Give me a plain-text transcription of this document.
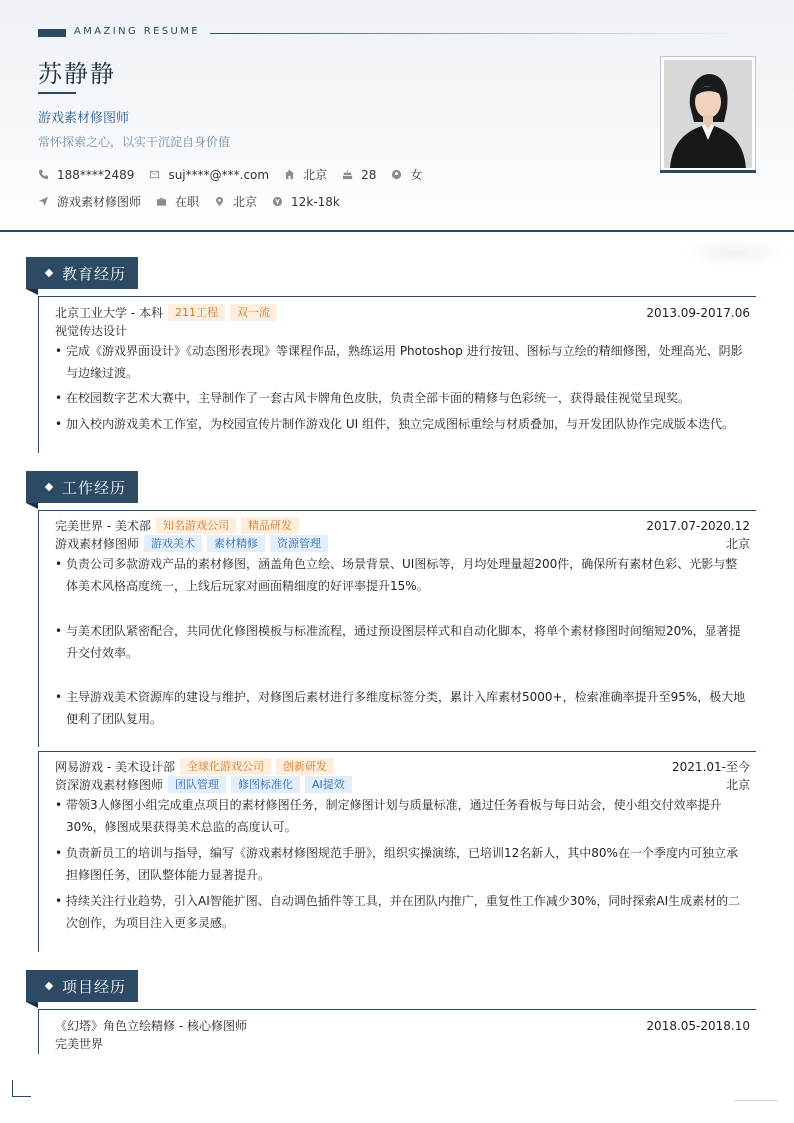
AMAZING RESUME
苏静静
游戏素材修图师
常怀探索之心，以实干沉淀自身价值
188****2489	suj****@***.com	北京	28	女
游戏素材修图师	在职	北京	12k-18k
教育经历
北京工业大学 - 本科	211工程	双一流	2013.09-2017.06
视觉传达设计
• 完成《游戏界面设计》《动态图形表现》等课程作品，熟练运用 Photoshop 进行按钮、图标与立绘的精细修图，处理高光、阴影与边缘过渡。
• 在校园数字艺术大赛中，主导制作了一套古风卡牌角色皮肤，负责全部卡面的精修与色彩统一，获得最佳视觉呈现奖。
• 加入校内游戏美术工作室，为校园宣传片制作游戏化 UI 组件，独立完成图标重绘与材质叠加，与开发团队协作完成版本迭代。
工作经历
完美世界 - 美术部	知名游戏公司	精品研发	2017.07-2020.12
游戏素材修图师	游戏美术	素材精修	资源管理	北京
• 负责公司多款游戏产品的素材修图，涵盖角色立绘、场景背景、UI图标等，月均处理量超200件，确保所有素材色彩、光影与整体美术风格高度统一，上线后玩家对画面精细度的好评率提升15%。
• 与美术团队紧密配合，共同优化修图模板与标准流程，通过预设图层样式和自动化脚本，将单个素材修图时间缩短20%，显著提升交付效率。
• 主导游戏美术资源库的建设与维护，对修图后素材进行多维度标签分类，累计入库素材5000+，检索准确率提升至95%，极大地便利了团队复用。
网易游戏 - 美术设计部	全球化游戏公司	创新研发	2021.01-至今
资深游戏素材修图师	团队管理	修图标准化	AI提效	北京
• 带领3人修图小组完成重点项目的素材修图任务，制定修图计划与质量标准，通过任务看板与每日站会，使小组交付效率提升30%，修图成果获得美术总监的高度认可。
• 负责新员工的培训与指导，编写《游戏素材修图规范手册》，组织实操演练，已培训12名新人，其中80%在一个季度内可独立承担修图任务，团队整体能力显著提升。
• 持续关注行业趋势，引入AI智能扩图、自动调色插件等工具，并在团队内推广，重复性工作减少30%，同时探索AI生成素材的二次创作，为项目注入更多灵感。
项目经历
《幻塔》角色立绘精修 - 核心修图师	2018.05-2018.10
完美世界
